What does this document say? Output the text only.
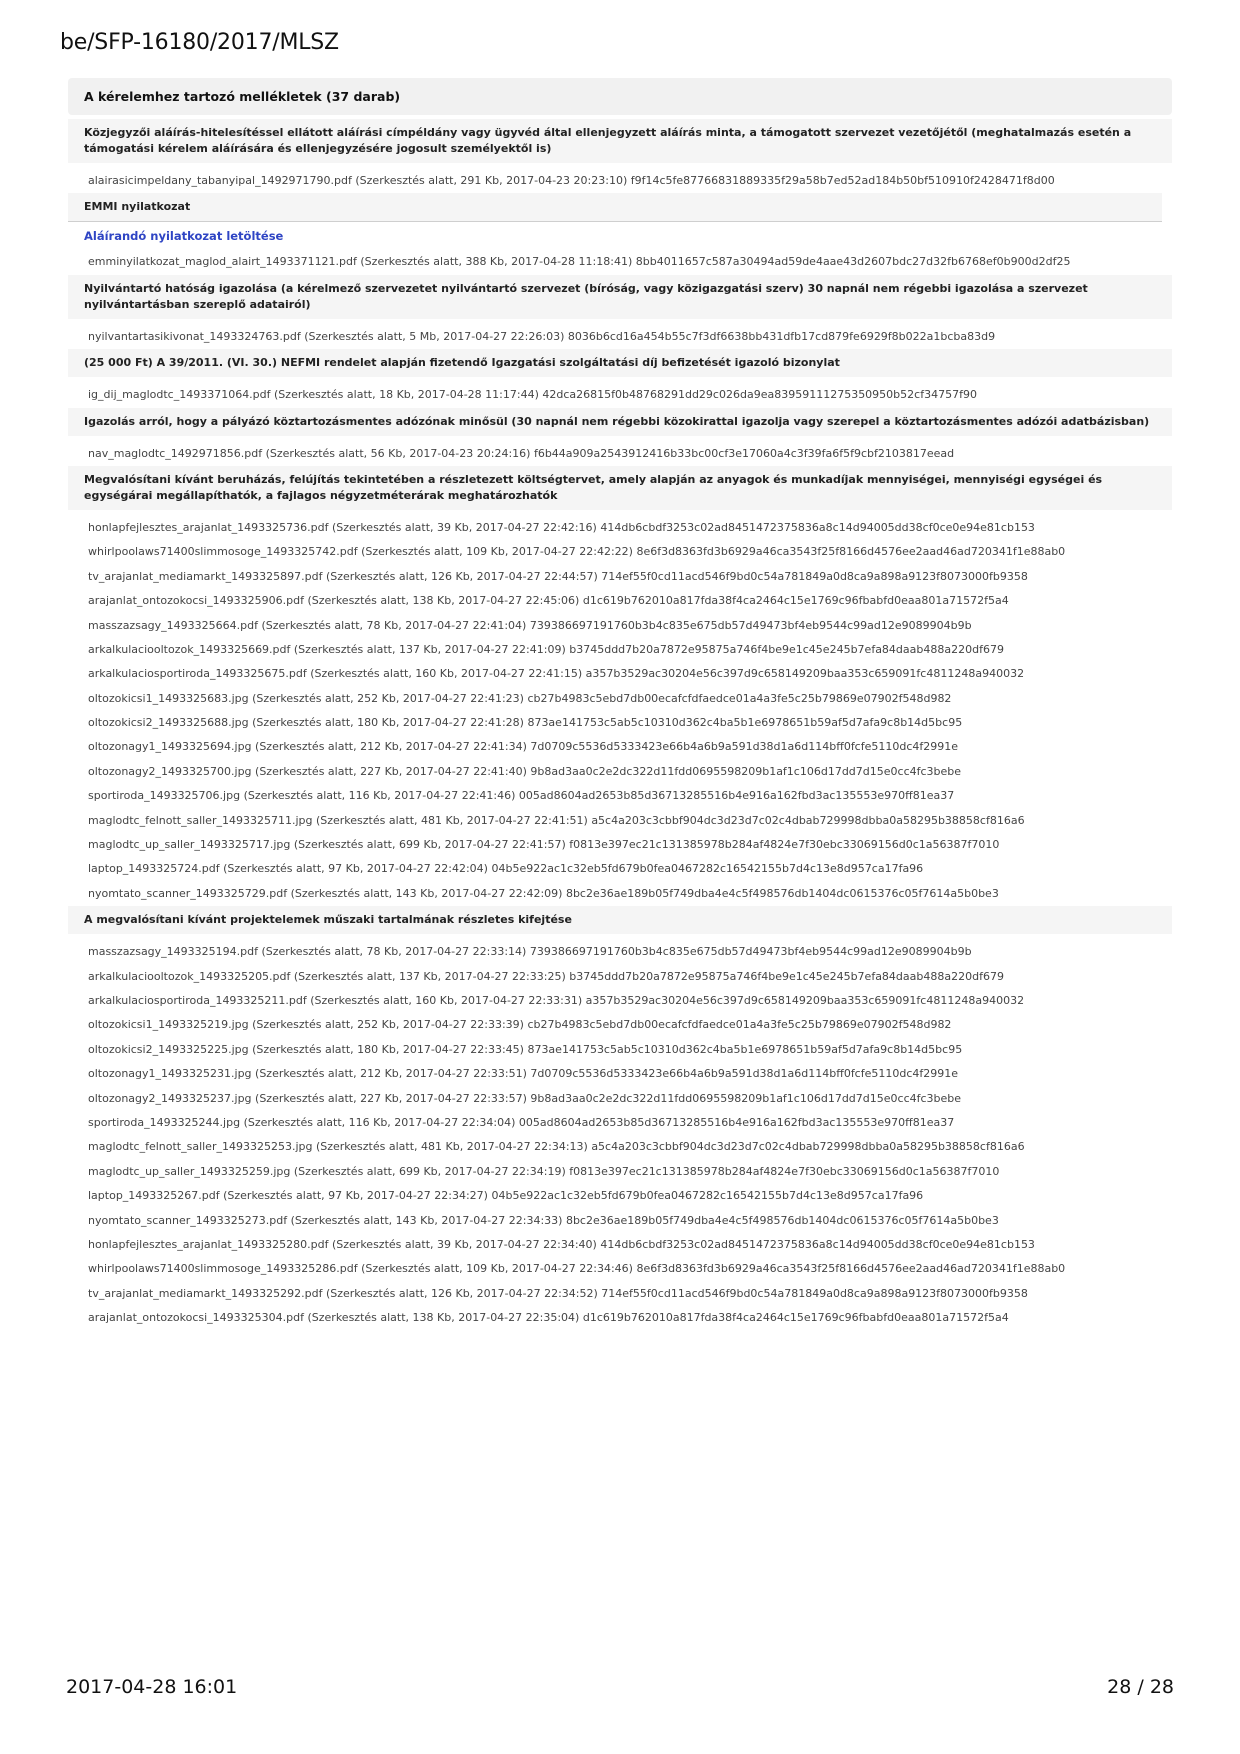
be/SFP-16180/2017/MLSZ
A kérelemhez tartozó mellékletek (37 darab)
Közjegyzői aláírás-hitelesítéssel ellátott aláírási címpéldány vagy ügyvéd által ellenjegyzett aláírás minta, a támogatott szervezet vezetőjétől (meghatalmazás esetén a támogatási kérelem aláírására és ellenjegyzésére jogosult személyektől is)
alairasicimpeldany_tabanyipal_1492971790.pdf (Szerkesztés alatt, 291 Kb, 2017-04-23 20:23:10) f9f14c5fe87766831889335f29a58b7ed52ad184b50bf510910f2428471f8d00
EMMI nyilatkozat
Aláírandó nyilatkozat letöltése
emminyilatkozat_maglod_alairt_1493371121.pdf (Szerkesztés alatt, 388 Kb, 2017-04-28 11:18:41) 8bb4011657c587a30494ad59de4aae43d2607bdc27d32fb6768ef0b900d2df25
Nyilvántartó hatóság igazolása (a kérelmező szervezetet nyilvántartó szervezet (bíróság, vagy közigazgatási szerv) 30 napnál nem régebbi igazolása a szervezet nyilvántartásban szereplő adatairól)
nyilvantartasikivonat_1493324763.pdf (Szerkesztés alatt, 5 Mb, 2017-04-27 22:26:03) 8036b6cd16a454b55c7f3df6638bb431dfb17cd879fe6929f8b022a1bcba83d9
(25 000 Ft) A 39/2011. (VI. 30.) NEFMI rendelet alapján fizetendő Igazgatási szolgáltatási díj befizetését igazoló bizonylat
ig_dij_maglodtc_1493371064.pdf (Szerkesztés alatt, 18 Kb, 2017-04-28 11:17:44) 42dca26815f0b48768291dd29c026da9ea83959111275350950b52cf34757f90
Igazolás arról, hogy a pályázó köztartozásmentes adózónak minősül (30 napnál nem régebbi közokirattal igazolja vagy szerepel a köztartozásmentes adózói adatbázisban)
nav_maglodtc_1492971856.pdf (Szerkesztés alatt, 56 Kb, 2017-04-23 20:24:16) f6b44a909a2543912416b33bc00cf3e17060a4c3f39fa6f5f9cbf2103817eead
Megvalósítani kívánt beruházás, felújítás tekintetében a részletezett költségtervet, amely alapján az anyagok és munkadíjak mennyiségei, mennyiségi egységei és egységárai megállapíthatók, a fajlagos négyzetméterárak meghatározhatók
honlapfejlesztes_arajanlat_1493325736.pdf (Szerkesztés alatt, 39 Kb, 2017-04-27 22:42:16) 414db6cbdf3253c02ad8451472375836a8c14d94005dd38cf0ce0e94e81cb153
whirlpoolaws71400slimmosoge_1493325742.pdf (Szerkesztés alatt, 109 Kb, 2017-04-27 22:42:22) 8e6f3d8363fd3b6929a46ca3543f25f8166d4576ee2aad46ad720341f1e88ab0
tv_arajanlat_mediamarkt_1493325897.pdf (Szerkesztés alatt, 126 Kb, 2017-04-27 22:44:57) 714ef55f0cd11acd546f9bd0c54a781849a0d8ca9a898a9123f8073000fb9358
arajanlat_ontozokocsi_1493325906.pdf (Szerkesztés alatt, 138 Kb, 2017-04-27 22:45:06) d1c619b762010a817fda38f4ca2464c15e1769c96fbabfd0eaa801a71572f5a4
masszazsagy_1493325664.pdf (Szerkesztés alatt, 78 Kb, 2017-04-27 22:41:04) 739386697191760b3b4c835e675db57d49473bf4eb9544c99ad12e9089904b9b
arkalkulaciooltozok_1493325669.pdf (Szerkesztés alatt, 137 Kb, 2017-04-27 22:41:09) b3745ddd7b20a7872e95875a746f4be9e1c45e245b7efa84daab488a220df679
arkalkulaciosportiroda_1493325675.pdf (Szerkesztés alatt, 160 Kb, 2017-04-27 22:41:15) a357b3529ac30204e56c397d9c658149209baa353c659091fc4811248a940032
oltozokicsi1_1493325683.jpg (Szerkesztés alatt, 252 Kb, 2017-04-27 22:41:23) cb27b4983c5ebd7db00ecafcfdfaedce01a4a3fe5c25b79869e07902f548d982
oltozokicsi2_1493325688.jpg (Szerkesztés alatt, 180 Kb, 2017-04-27 22:41:28) 873ae141753c5ab5c10310d362c4ba5b1e6978651b59af5d7afa9c8b14d5bc95
oltozonagy1_1493325694.jpg (Szerkesztés alatt, 212 Kb, 2017-04-27 22:41:34) 7d0709c5536d5333423e66b4a6b9a591d38d1a6d114bff0fcfe5110dc4f2991e
oltozonagy2_1493325700.jpg (Szerkesztés alatt, 227 Kb, 2017-04-27 22:41:40) 9b8ad3aa0c2e2dc322d11fdd0695598209b1af1c106d17dd7d15e0cc4fc3bebe
sportiroda_1493325706.jpg (Szerkesztés alatt, 116 Kb, 2017-04-27 22:41:46) 005ad8604ad2653b85d36713285516b4e916a162fbd3ac135553e970ff81ea37
maglodtc_felnott_saller_1493325711.jpg (Szerkesztés alatt, 481 Kb, 2017-04-27 22:41:51) a5c4a203c3cbbf904dc3d23d7c02c4dbab729998dbba0a58295b38858cf816a6
maglodtc_up_saller_1493325717.jpg (Szerkesztés alatt, 699 Kb, 2017-04-27 22:41:57) f0813e397ec21c131385978b284af4824e7f30ebc33069156d0c1a56387f7010
laptop_1493325724.pdf (Szerkesztés alatt, 97 Kb, 2017-04-27 22:42:04) 04b5e922ac1c32eb5fd679b0fea0467282c16542155b7d4c13e8d957ca17fa96
nyomtato_scanner_1493325729.pdf (Szerkesztés alatt, 143 Kb, 2017-04-27 22:42:09) 8bc2e36ae189b05f749dba4e4c5f498576db1404dc0615376c05f7614a5b0be3
A megvalósítani kívánt projektelemek műszaki tartalmának részletes kifejtése
masszazsagy_1493325194.pdf (Szerkesztés alatt, 78 Kb, 2017-04-27 22:33:14) 739386697191760b3b4c835e675db57d49473bf4eb9544c99ad12e9089904b9b
arkalkulaciooltozok_1493325205.pdf (Szerkesztés alatt, 137 Kb, 2017-04-27 22:33:25) b3745ddd7b20a7872e95875a746f4be9e1c45e245b7efa84daab488a220df679
arkalkulaciosportiroda_1493325211.pdf (Szerkesztés alatt, 160 Kb, 2017-04-27 22:33:31) a357b3529ac30204e56c397d9c658149209baa353c659091fc4811248a940032
oltozokicsi1_1493325219.jpg (Szerkesztés alatt, 252 Kb, 2017-04-27 22:33:39) cb27b4983c5ebd7db00ecafcfdfaedce01a4a3fe5c25b79869e07902f548d982
oltozokicsi2_1493325225.jpg (Szerkesztés alatt, 180 Kb, 2017-04-27 22:33:45) 873ae141753c5ab5c10310d362c4ba5b1e6978651b59af5d7afa9c8b14d5bc95
oltozonagy1_1493325231.jpg (Szerkesztés alatt, 212 Kb, 2017-04-27 22:33:51) 7d0709c5536d5333423e66b4a6b9a591d38d1a6d114bff0fcfe5110dc4f2991e
oltozonagy2_1493325237.jpg (Szerkesztés alatt, 227 Kb, 2017-04-27 22:33:57) 9b8ad3aa0c2e2dc322d11fdd0695598209b1af1c106d17dd7d15e0cc4fc3bebe
sportiroda_1493325244.jpg (Szerkesztés alatt, 116 Kb, 2017-04-27 22:34:04) 005ad8604ad2653b85d36713285516b4e916a162fbd3ac135553e970ff81ea37
maglodtc_felnott_saller_1493325253.jpg (Szerkesztés alatt, 481 Kb, 2017-04-27 22:34:13) a5c4a203c3cbbf904dc3d23d7c02c4dbab729998dbba0a58295b38858cf816a6
maglodtc_up_saller_1493325259.jpg (Szerkesztés alatt, 699 Kb, 2017-04-27 22:34:19) f0813e397ec21c131385978b284af4824e7f30ebc33069156d0c1a56387f7010
laptop_1493325267.pdf (Szerkesztés alatt, 97 Kb, 2017-04-27 22:34:27) 04b5e922ac1c32eb5fd679b0fea0467282c16542155b7d4c13e8d957ca17fa96
nyomtato_scanner_1493325273.pdf (Szerkesztés alatt, 143 Kb, 2017-04-27 22:34:33) 8bc2e36ae189b05f749dba4e4c5f498576db1404dc0615376c05f7614a5b0be3
honlapfejlesztes_arajanlat_1493325280.pdf (Szerkesztés alatt, 39 Kb, 2017-04-27 22:34:40) 414db6cbdf3253c02ad8451472375836a8c14d94005dd38cf0ce0e94e81cb153
whirlpoolaws71400slimmosoge_1493325286.pdf (Szerkesztés alatt, 109 Kb, 2017-04-27 22:34:46) 8e6f3d8363fd3b6929a46ca3543f25f8166d4576ee2aad46ad720341f1e88ab0
tv_arajanlat_mediamarkt_1493325292.pdf (Szerkesztés alatt, 126 Kb, 2017-04-27 22:34:52) 714ef55f0cd11acd546f9bd0c54a781849a0d8ca9a898a9123f8073000fb9358
arajanlat_ontozokocsi_1493325304.pdf (Szerkesztés alatt, 138 Kb, 2017-04-27 22:35:04) d1c619b762010a817fda38f4ca2464c15e1769c96fbabfd0eaa801a71572f5a4
2017-04-28 16:01	28 / 28
